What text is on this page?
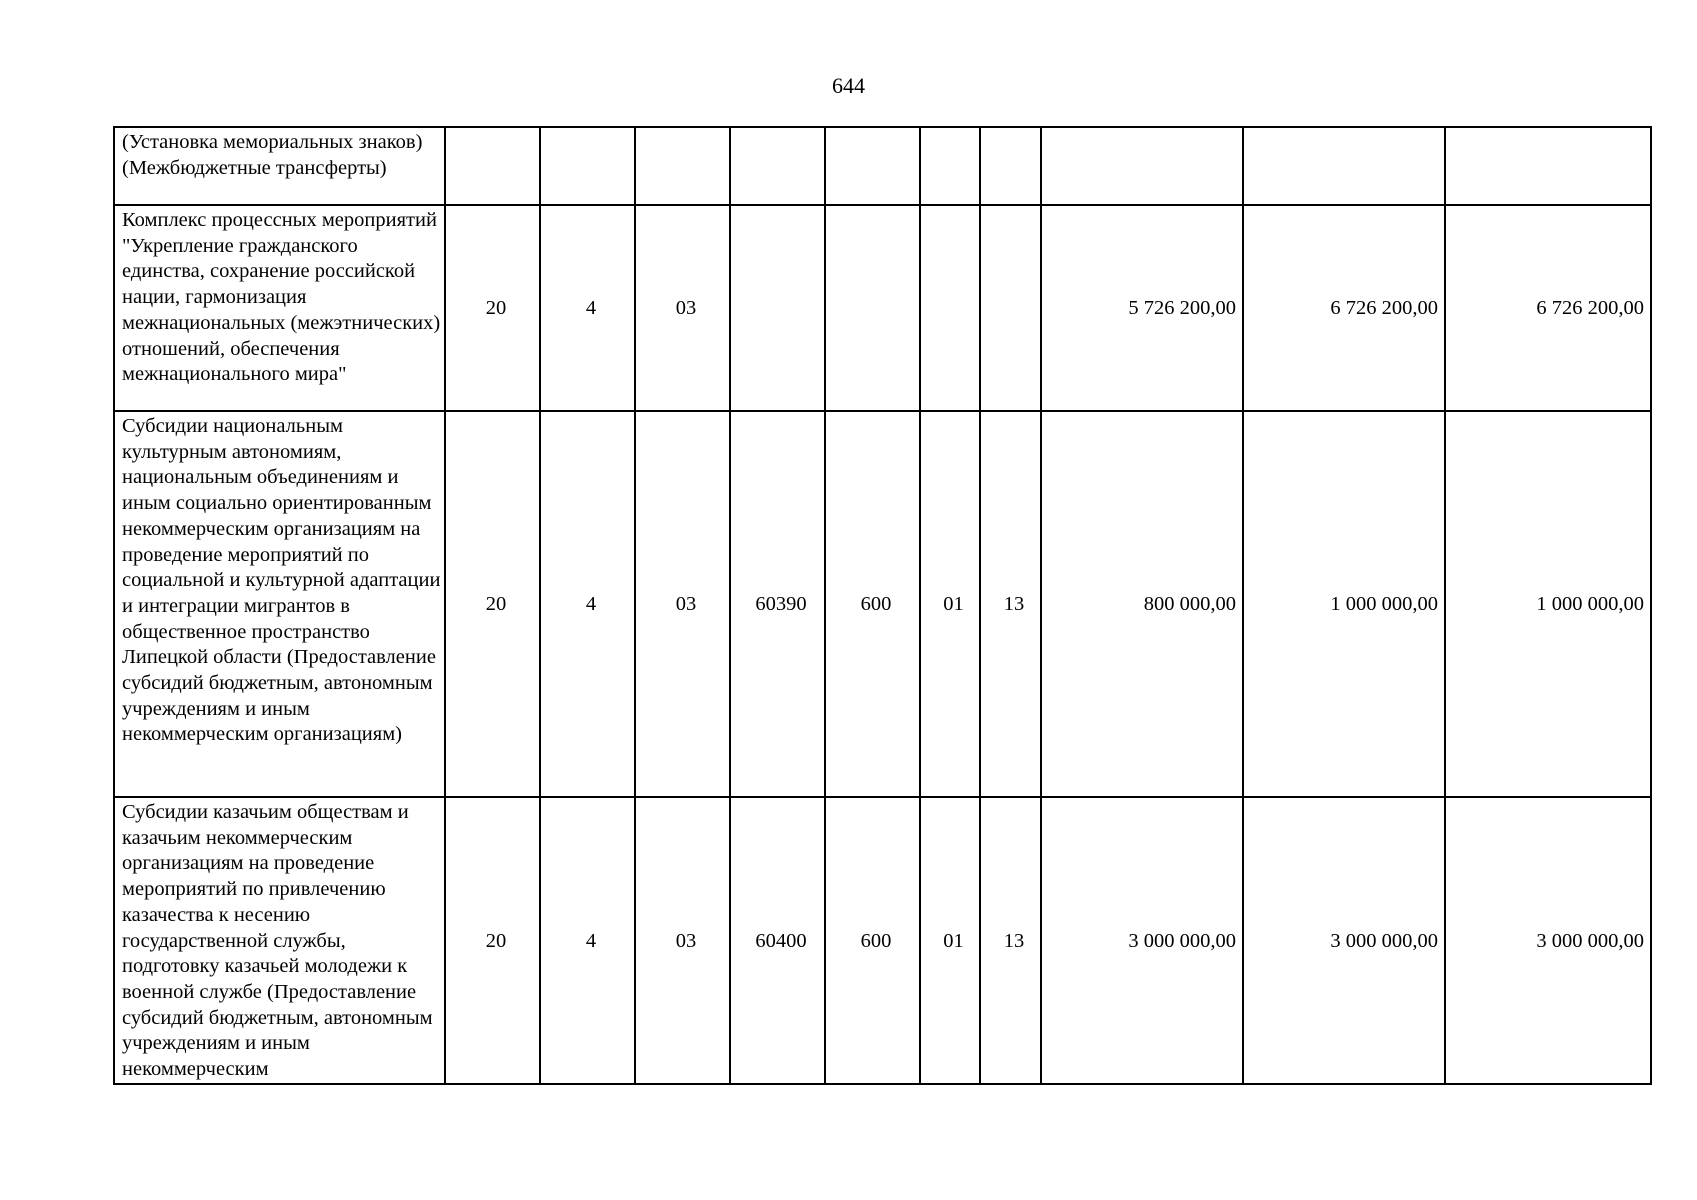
644
(Установка мемориальных знаков) (Межбюджетные трансферты)										
Комплекс процессных мероприятий "Укрепление гражданского единства, сохранение российской нации, гармонизация межнациональных (межэтнических) отношений, обеспечения межнационального мира"	20	4	03					5 726 200,00	6 726 200,00	6 726 200,00
Субсидии национальным культурным автономиям, национальным объединениям и иным социально ориентированным некоммерческим организациям на проведение мероприятий по социальной и культурной адаптации и интеграции мигрантов в общественное пространство Липецкой области (Предоставление субсидий бюджетным, автономным учреждениям и иным некоммерческим организациям)	20	4	03	60390	600	01	13	800 000,00	1 000 000,00	1 000 000,00
Субсидии казачьим обществам и казачьим некоммерческим организациям на проведение мероприятий по привлечению казачества к несению государственной службы, подготовку казачьей молодежи к военной службе (Предоставление субсидий бюджетным, автономным учреждениям и иным некоммерческим	20	4	03	60400	600	01	13	3 000 000,00	3 000 000,00	3 000 000,00
